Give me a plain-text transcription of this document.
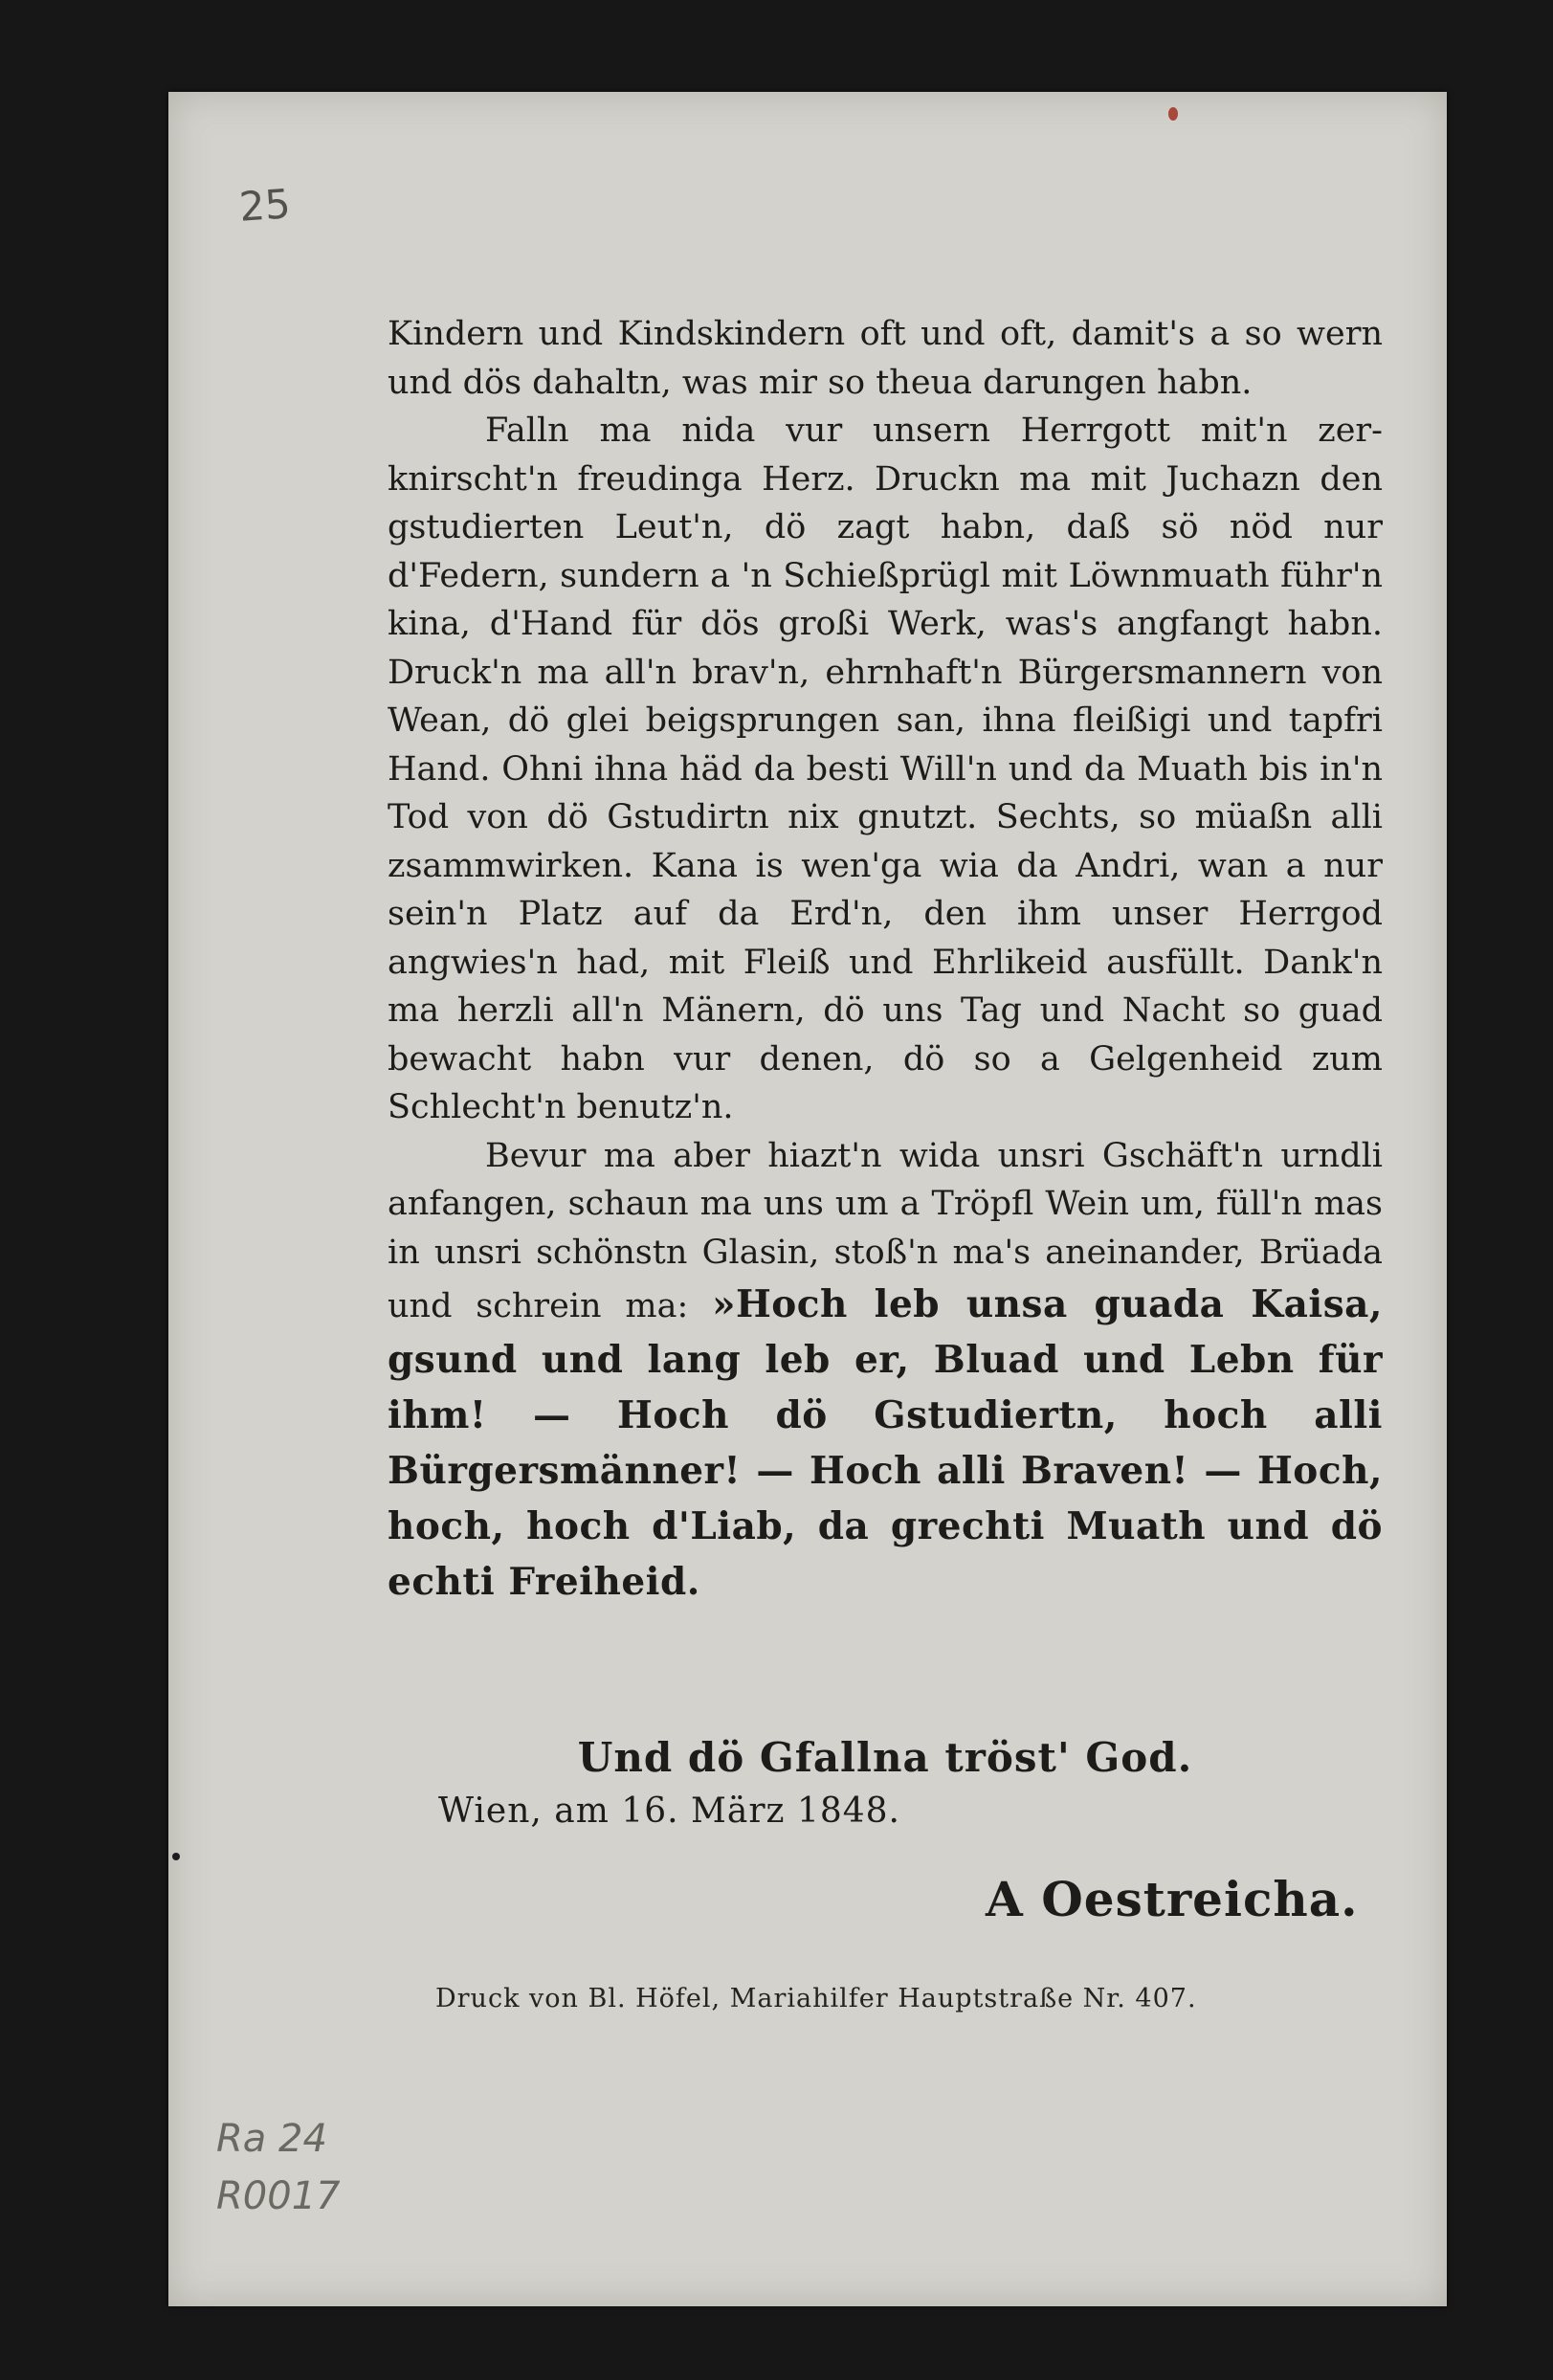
25

Kindern und Kindskindern oft und oft, damit's a so wern und dös dahaltn, was mir so theua darungen habn.

Falln ma nida vur unsern Herrgott mit'n zerknirscht'n freudinga Herz. Druckn ma mit Juchazn den gstudierten Leut'n, dö zagt habn, daß sö nöd nur d'Federn, sundern a 'n Schießprügl mit Löwnmuath führ'n kina, d'Hand für dös großi Werk, was's angfangt habn. Druck'n ma all'n brav'n, ehrnhaft'n Bürgersmannern von Wean, dö glei beigsprungen san, ihna fleißigi und tapfri Hand. Ohni ihna häd da besti Will'n und da Muath bis in'n Tod von dö Gstudirtn nix gnutzt. Sechts, so müaßn alli zsammwirken. Kana is wen'ga wia da Andri, wan a nur sein'n Platz auf da Erd'n, den ihm unser Herrgod angwies'n had, mit Fleiß und Ehrlikeid ausfüllt. Dank'n ma herzli all'n Mänern, dö uns Tag und Nacht so guad bewacht habn vur denen, dö so a Gelgenheid zum Schlecht'n benutz'n.

Bevur ma aber hiazt'n wida unsri Gschäft'n urndli anfangen, schaun ma uns um a Tröpfl Wein um, füll'n mas in unsri schönstn Glasin, stoß'n ma's aneinander, Brüada und schrein ma: »Hoch leb unsa guada Kaisa, gsund und lang leb er, Bluad und Lebn für ihm! — Hoch dö Gstudiertn, hoch alli Bürgersmänner! — Hoch alli Braven! — Hoch, hoch, hoch d'Liab, da grechti Muath und dö echti Freiheid.

Und dö Gfallna tröst' God.
Wien, am 16. März 1848.
A Oestreicha.
Druck von Bl. Höfel, Mariahilfer Hauptstraße Nr. 407.
Ra 24
R0017
